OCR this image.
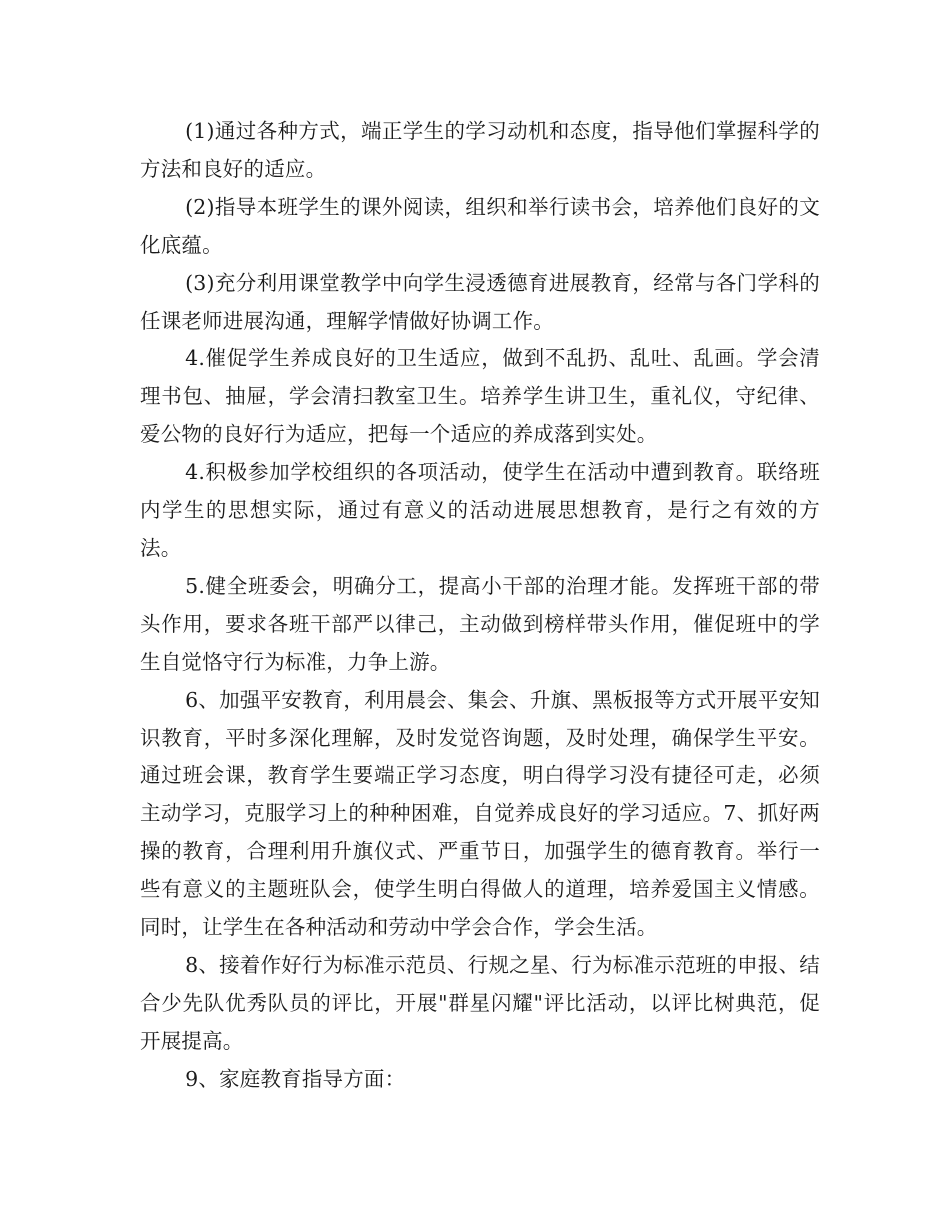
(1)通过各种方式，端正学生的学习动机和态度，指导他们掌握科学的方法和良好的适应。

(2)指导本班学生的课外阅读，组织和举行读书会，培养他们良好的文化底蕴。

(3)充分利用课堂教学中向学生浸透德育进展教育，经常与各门学科的任课老师进展沟通，理解学情做好协调工作。

4.催促学生养成良好的卫生适应，做到不乱扔、乱吐、乱画。学会清理书包、抽屉，学会清扫教室卫生。培养学生讲卫生，重礼仪，守纪律、爱公物的良好行为适应，把每一个适应的养成落到实处。

4.积极参加学校组织的各项活动，使学生在活动中遭到教育。联络班内学生的思想实际，通过有意义的活动进展思想教育，是行之有效的方法。

5.健全班委会，明确分工，提高小干部的治理才能。发挥班干部的带头作用，要求各班干部严以律己，主动做到榜样带头作用，催促班中的学生自觉恪守行为标准，力争上游。

6、加强平安教育，利用晨会、集会、升旗、黑板报等方式开展平安知识教育，平时多深化理解，及时发觉咨询题，及时处理，确保学生平安。通过班会课，教育学生要端正学习态度，明白得学习没有捷径可走，必须主动学习，克服学习上的种种困难，自觉养成良好的学习适应。7、抓好两操的教育，合理利用升旗仪式、严重节日，加强学生的德育教育。举行一些有意义的主题班队会，使学生明白得做人的道理，培养爱国主义情感。同时，让学生在各种活动和劳动中学会合作，学会生活。

8、接着作好行为标准示范员、行规之星、行为标准示范班的申报、结合少先队优秀队员的评比，开展"群星闪耀"评比活动，以评比树典范，促开展提高。

9、家庭教育指导方面：
